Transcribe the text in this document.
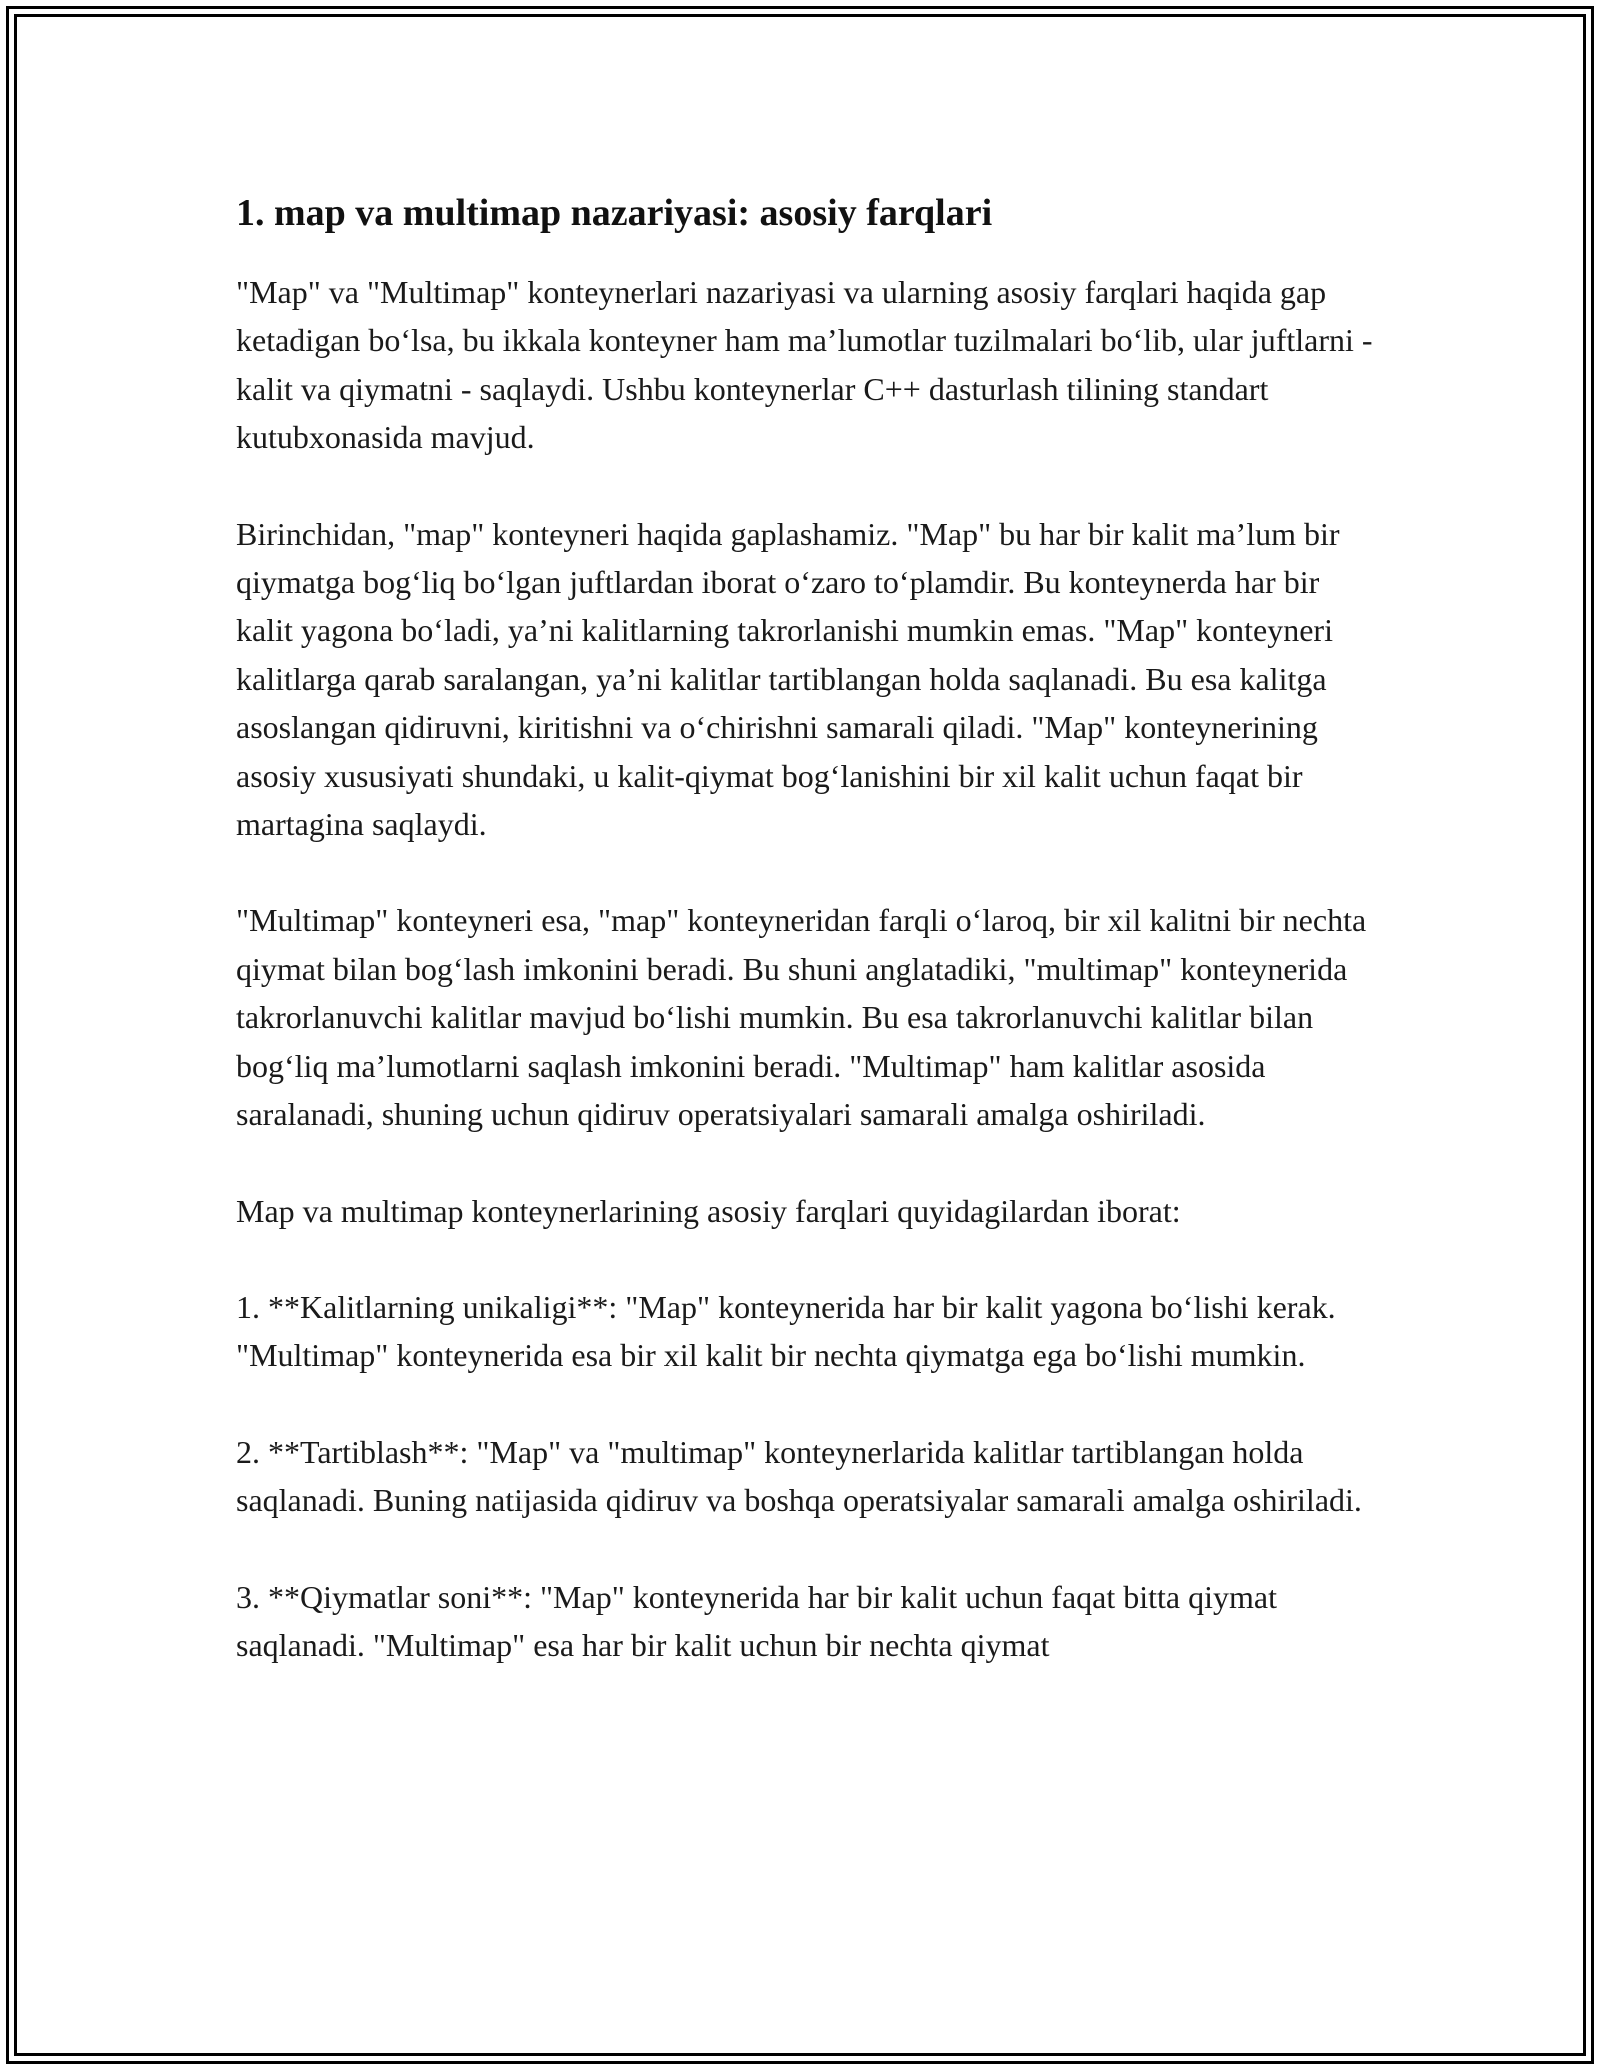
1. map va multimap nazariyasi: asosiy farqlari

"Map" va "Multimap" konteynerlari nazariyasi va ularning asosiy farqlari haqida gap ketadigan bo‘lsa, bu ikkala konteyner ham ma’lumotlar tuzilmalari bo‘lib, ular juftlarni - kalit va qiymatni - saqlaydi. Ushbu konteynerlar C++ dasturlash tilining standart kutubxonasida mavjud.

Birinchidan, "map" konteyneri haqida gaplashamiz. "Map" bu har bir kalit ma’lum bir qiymatga bog‘liq bo‘lgan juftlardan iborat o‘zaro to‘plamdir. Bu konteynerda har bir kalit yagona bo‘ladi, ya’ni kalitlarning takrorlanishi mumkin emas. "Map" konteyneri kalitlarga qarab saralangan, ya’ni kalitlar tartiblangan holda saqlanadi. Bu esa kalitga asoslangan qidiruvni, kiritishni va o‘chirishni samarali qiladi. "Map" konteynerining asosiy xususiyati shundaki, u kalit-qiymat bog‘lanishini bir xil kalit uchun faqat bir martagina saqlaydi.

"Multimap" konteyneri esa, "map" konteyneridan farqli o‘laroq, bir xil kalitni bir nechta qiymat bilan bog‘lash imkonini beradi. Bu shuni anglatadiki, "multimap" konteynerida takrorlanuvchi kalitlar mavjud bo‘lishi mumkin. Bu esa takrorlanuvchi kalitlar bilan bog‘liq ma’lumotlarni saqlash imkonini beradi. "Multimap" ham kalitlar asosida saralanadi, shuning uchun qidiruv operatsiyalari samarali amalga oshiriladi.

Map va multimap konteynerlarining asosiy farqlari quyidagilardan iborat:

1. **Kalitlarning unikaligi**: "Map" konteynerida har bir kalit yagona bo‘lishi kerak. "Multimap" konteynerida esa bir xil kalit bir nechta qiymatga ega bo‘lishi mumkin.

2. **Tartiblash**: "Map" va "multimap" konteynerlarida kalitlar tartiblangan holda saqlanadi. Buning natijasida qidiruv va boshqa operatsiyalar samarali amalga oshiriladi.

3. **Qiymatlar soni**: "Map" konteynerida har bir kalit uchun faqat bitta qiymat saqlanadi. "Multimap" esa har bir kalit uchun bir nechta qiymat
